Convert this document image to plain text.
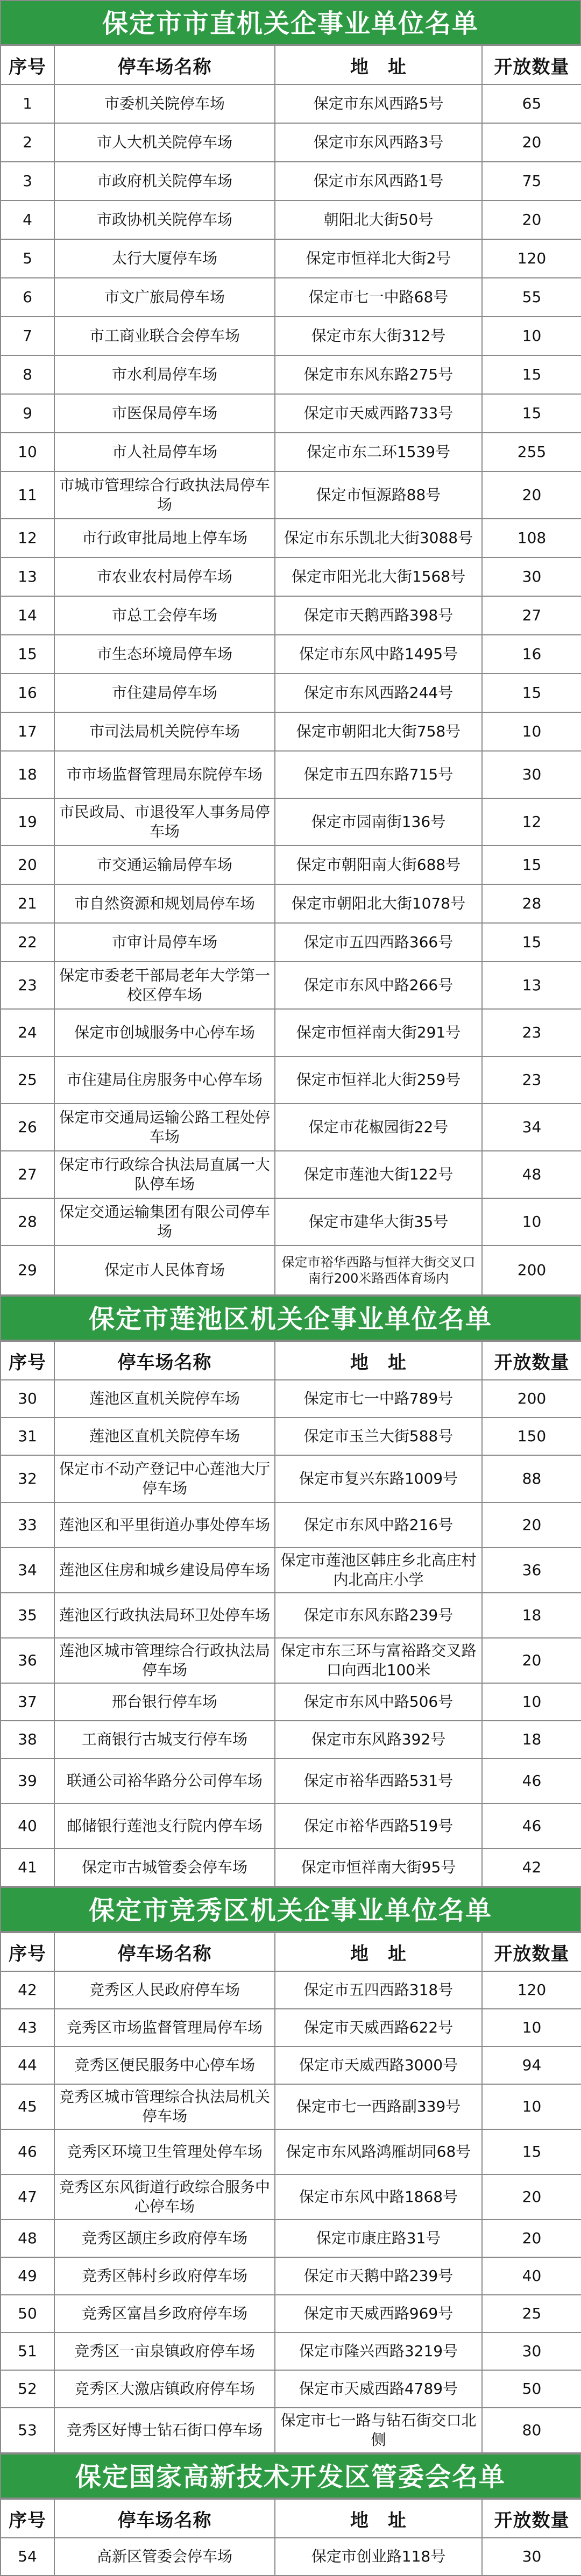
保定市市直机关企事业单位名单
序号	停车场名称	地　址	开放数量
1	市委机关院停车场	保定市东风西路5号	65
2	市人大机关院停车场	保定市东风西路3号	20
3	市政府机关院停车场	保定市东风西路1号	75
4	市政协机关院停车场	朝阳北大街50号	20
5	太行大厦停车场	保定市恒祥北大街2号	120
6	市文广旅局停车场	保定市七一中路68号	55
7	市工商业联合会停车场	保定市东大街312号	10
8	市水利局停车场	保定市东风东路275号	15
9	市医保局停车场	保定市天威西路733号	15
10	市人社局停车场	保定市东二环1539号	255
11	市城市管理综合行政执法局停车场	保定市恒源路88号	20
12	市行政审批局地上停车场	保定市东乐凯北大街3088号	108
13	市农业农村局停车场	保定市阳光北大街1568号	30
14	市总工会停车场	保定市天鹅西路398号	27
15	市生态环境局停车场	保定市东风中路1495号	16
16	市住建局停车场	保定市东风西路244号	15
17	市司法局机关院停车场	保定市朝阳北大街758号	10
18	市市场监督管理局东院停车场	保定市五四东路715号	30
19	市民政局、市退役军人事务局停车场	保定市园南街136号	12
20	市交通运输局停车场	保定市朝阳南大街688号	15
21	市自然资源和规划局停车场	保定市朝阳北大街1078号	28
22	市审计局停车场	保定市五四西路366号	15
23	保定市委老干部局老年大学第一校区停车场	保定市东风中路266号	13
24	保定市创城服务中心停车场	保定市恒祥南大街291号	23
25	市住建局住房服务中心停车场	保定市恒祥北大街259号	23
26	保定市交通局运输公路工程处停车场	保定市花椒园街22号	34
27	保定市行政综合执法局直属一大队停车场	保定市莲池大街122号	48
28	保定交通运输集团有限公司停车场	保定市建华大街35号	10
29	保定市人民体育场	保定市裕华西路与恒祥大街交叉口南行200米路西体育场内	200
保定市莲池区机关企事业单位名单
序号	停车场名称	地　址	开放数量
30	莲池区直机关院停车场	保定市七一中路789号	200
31	莲池区直机关院停车场	保定市玉兰大街588号	150
32	保定市不动产登记中心莲池大厅停车场	保定市复兴东路1009号	88
33	莲池区和平里街道办事处停车场	保定市东风中路216号	20
34	莲池区住房和城乡建设局停车场	保定市莲池区韩庄乡北高庄村内北高庄小学	36
35	莲池区行政执法局环卫处停车场	保定市东风东路239号	18
36	莲池区城市管理综合行政执法局停车场	保定市东三环与富裕路交叉路口向西北100米	20
37	邢台银行停车场	保定市东风中路506号	10
38	工商银行古城支行停车场	保定市东风路392号	18
39	联通公司裕华路分公司停车场	保定市裕华西路531号	46
40	邮储银行莲池支行院内停车场	保定市裕华西路519号	46
41	保定市古城管委会停车场	保定市恒祥南大街95号	42
保定市竞秀区机关企事业单位名单
序号	停车场名称	地　址	开放数量
42	竞秀区人民政府停车场	保定市五四西路318号	120
43	竞秀区市场监督管理局停车场	保定市天威西路622号	10
44	竞秀区便民服务中心停车场	保定市天威西路3000号	94
45	竞秀区城市管理综合执法局机关停车场	保定市七一西路副339号	10
46	竞秀区环境卫生管理处停车场	保定市东风路鸿雁胡同68号	15
47	竞秀区东风街道行政综合服务中心停车场	保定市东风中路1868号	20
48	竞秀区颉庄乡政府停车场	保定市康庄路31号	20
49	竞秀区韩村乡政府停车场	保定市天鹅中路239号	40
50	竞秀区富昌乡政府停车场	保定市天威西路969号	25
51	竞秀区一亩泉镇政府停车场	保定市隆兴西路3219号	30
52	竞秀区大激店镇政府停车场	保定市天威西路4789号	50
53	竞秀区好博士钻石街口停车场	保定市七一路与钻石街交口北侧	80
保定国家高新技术开发区管委会名单
序号	停车场名称	地　址	开放数量
54	高新区管委会停车场	保定市创业路118号	30
